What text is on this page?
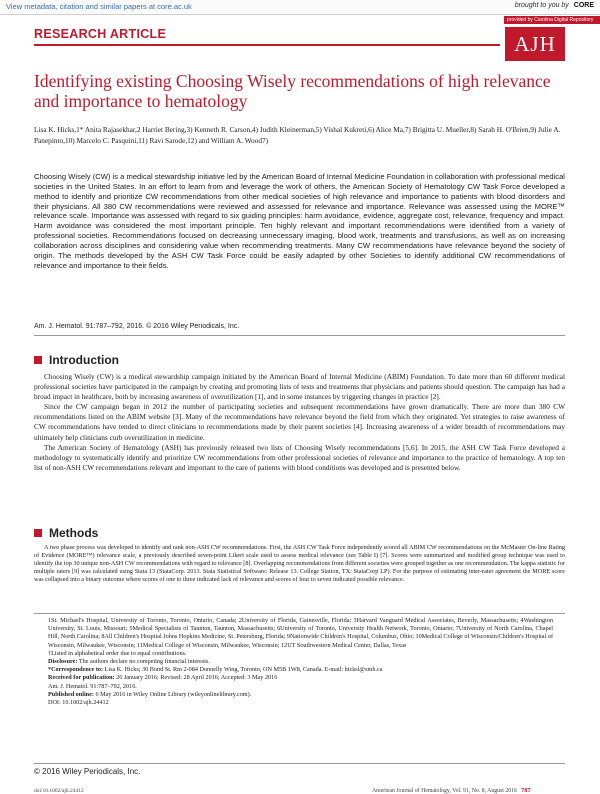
View metadata, citation and similar papers at core.ac.uk	brought to you by CORE
provided by Carolina Digital Repository
RESEARCH ARTICLE	AJH
Identifying existing Choosing Wisely recommendations of high relevance and importance to hematology
Lisa K. Hicks,1* Anita Rajasekhar,2 Harriet Bering,3) Kenneth R. Carson,4) Judith Kleinerman,5) Vishal Kukreti,6) Alice Ma,7) Brigitta U. Mueller,8) Sarah H. O'Brien,9) Julie A. Panepinto,10) Marcelo C. Pasquini,11) Ravi Sarode,12) and William A. Wood7)
Choosing Wisely (CW) is a medical stewardship initiative led by the American Board of Internal Medicine Foundation in collaboration with professional medical societies in the United States. In an effort to learn from and leverage the work of others, the American Society of Hematology CW Task Force developed a method to identify and prioritize CW recommendations from other medical societies of high relevance and importance to patients with blood disorders and their physicians. All 380 CW recommendations were reviewed and assessed for relevance and importance. Relevance was assessed using the MORE™ relevance scale. Importance was assessed with regard to six guiding principles: harm avoidance, evidence, aggregate cost, relevance, frequency and impact. Harm avoidance was considered the most important principle. Ten highly relevant and important recommendations were identified from a variety of professional societies. Recommendations focused on decreasing unnecessary imaging, blood work, treatments and transfusions, as well as on increasing collaboration across disciplines and considering value when recommending treatments. Many CW recommendations have relevance beyond the society of origin. The methods developed by the ASH CW Task Force could be easily adapted by other Societies to identify additional CW recommendations of relevance and importance to their fields.
Am. J. Hematol. 91:787–792, 2016. © 2016 Wiley Periodicals, Inc.
Introduction

Choosing Wisely (CW) is a medical stewardship campaign initiated by the American Board of Internal Medicine (ABIM) Foundation. To date more than 60 different medical professional societies have participated in the campaign by creating and promoting lists of tests and treatments that physicians and patients should question. The campaign has had a broad impact in healthcare, both by increasing awareness of overutilization [1], and in some instances by triggering changes in practice [2].

Since the CW campaign began in 2012 the number of participating societies and subsequent recommendations have grown dramatically. There are more than 380 CW recommendations listed on the ABIM website [3]. Many of the recommendations have relevance beyond the field from which they originated. Yet strategies to raise awareness of CW recommendations have tended to direct clinicians to recommendations made by their parent societies [4]. Increasing awareness of a wider breadth of recommendations may ultimately help clinicians curb overutilization in medicine.

The American Society of Hematology (ASH) has previously released two lists of Choosing Wisely recommendations [5,6]. In 2015, the ASH CW Task Force developed a methodology to systematically identify and prioritize CW recommendations from other professional societies of relevance and importance to the practice of hematology. A top ten list of non-ASH CW recommendations relevant and important to the care of patients with blood conditions was developed and is presented below.

Methods
A two phase process was developed to identify and rank non-ASH CW recommendations. First, the ASH CW Task Force independently scored all ABIM CW recommendations on the McMaster On-line Rating of Evidence (MORE™) relevance scale, a previously described seven-point Likert scale used to assess medical relevance (see Table I) [7]. Scores were summarized and modified group technique was used to identify the top 30 unique non-ASH CW recommendations with regard to relevance [8]. Overlapping recommendations from different societies were grouped together as one recommendation. The kappa statistic for multiple raters [9] was calculated using Stata 13 (StataCorp. 2013. Stata Statistical Software: Release 13. College Station, TX: StataCorp LP). For the purpose of estimating inter-rater agreement the MORE score was collapsed into a binary outcome where scores of one to three indicated lack of relevance and scores of four to seven indicated possible relevance.
1St. Michael's Hospital, University of Toronto, Toronto, Ontario, Canada; 2University of Florida, Gainesville, Florida; 3Harvard Vanguard Medical Associates, Beverly, Massachusetts; 4Washington University, St. Louis, Missouri; 5Medical Specialists of Taunton, Taunton, Massachusetts; 6University of Toronto, University Health Network, Toronto, Ontario; 7University of North Carolina, Chapel Hill, North Carolina; 8All Children's Hospital Johns Hopkins Medicine, St. Petersburg, Florida; 9Nationwide Children's Hospital, Columbus, Ohio; 10Medical College of Wisconsin/Children's Hospital of Wisconsin, Milwaukee, Wisconsin; 11Medical College of Wisconsin, Milwaukee, Wisconsin; 12UT Southwestern Medical Center, Dallas, Texas
†Listed in alphabetical order due to equal contributions.
Disclosure: The authors declare no competing financial interests.
*Correspondence to: Lisa K. Hicks; 30 Bond St. Rm 2-084 Donnelly Wing, Toronto, ON M5B 1W8, Canada. E-mail: hicksl@smh.ca
Received for publication: 26 January 2016; Revised: 28 April 2016; Accepted: 3 May 2016
Am. J. Hematol. 91:787–792, 2016.
Published online: 6 May 2016 in Wiley Online Library (wileyonlinelibrary.com).
DOI: 10.1002/ajh.24412
© 2016 Wiley Periodicals, Inc.
doi:10.1002/ajh.24412	American Journal of Hematology, Vol. 91, No. 8, August 2016 787
